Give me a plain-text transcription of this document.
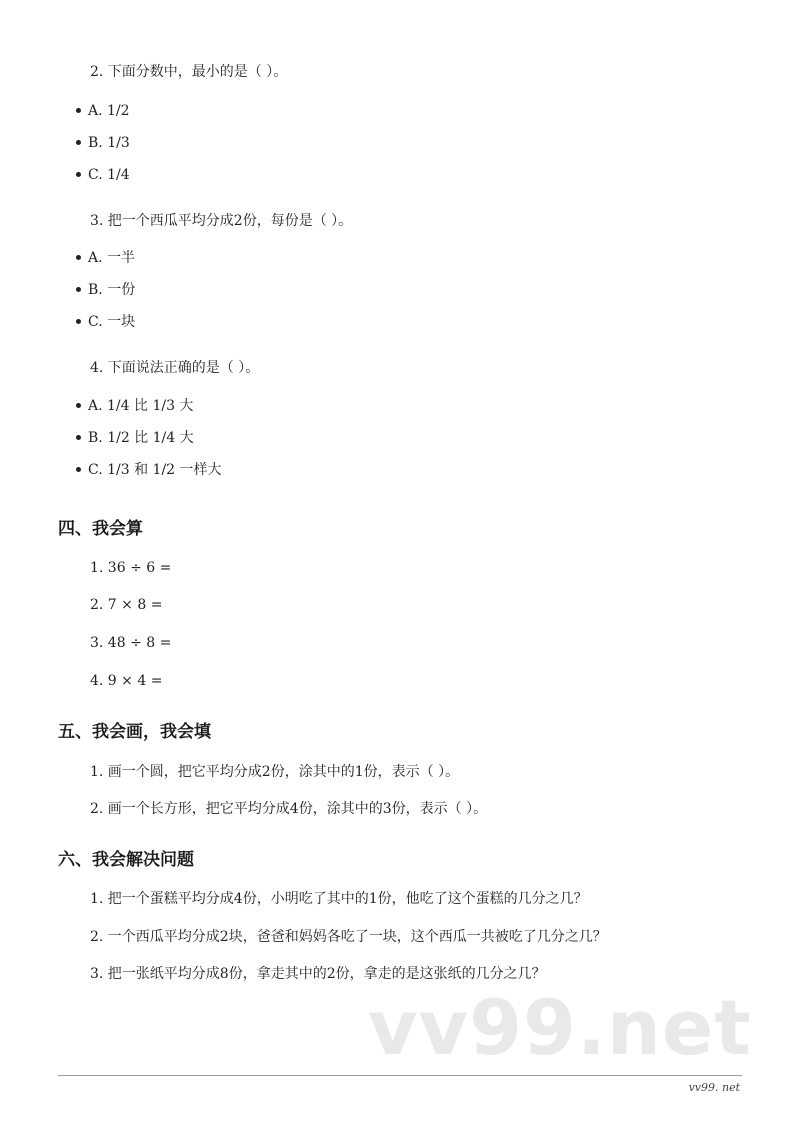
2. 下面分数中，最小的是（ ）。
A. 1/2
B. 1/3
C. 1/4
3. 把一个西瓜平均分成2份，每份是（ ）。
A. 一半
B. 一份
C. 一块
4. 下面说法正确的是（ ）。
A. 1/4 比 1/3 大
B. 1/2 比 1/4 大
C. 1/3 和 1/2 一样大
四、我会算
1. 36 ÷ 6 =
2. 7 × 8 =
3. 48 ÷ 8 =
4. 9 × 4 =
五、我会画，我会填
1. 画一个圆，把它平均分成2份，涂其中的1份，表示（ ）。
2. 画一个长方形，把它平均分成4份，涂其中的3份，表示（ ）。
六、我会解决问题
1. 把一个蛋糕平均分成4份，小明吃了其中的1份，他吃了这个蛋糕的几分之几？
2. 一个西瓜平均分成2块，爸爸和妈妈各吃了一块，这个西瓜一共被吃了几分之几？
3. 把一张纸平均分成8份，拿走其中的2份，拿走的是这张纸的几分之几？
vv99.net
vv99. net
